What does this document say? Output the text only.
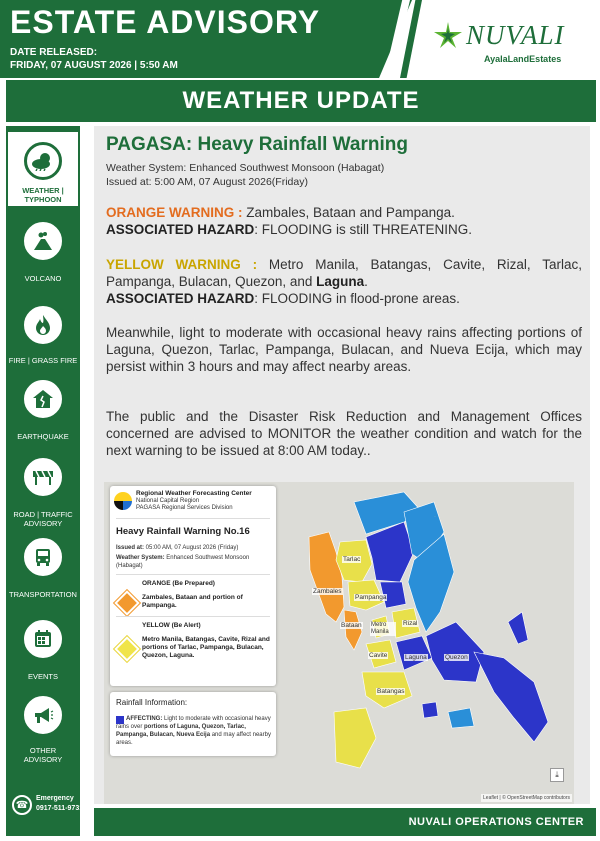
ESTATE ADVISORY
DATE RELEASED:
FRIDAY, 07 AUGUST 2026 | 5:50 AM
NUVALI
AyalaLandEstates
WEATHER UPDATE
WEATHER | TYPHOON
VOLCANO
FIRE | GRASS FIRE
EARTHQUAKE
ROAD | TRAFFIC ADVISORY
TRANSPORTATION
EVENTS
OTHER ADVISORY
☎
Emergency
0917-511-9731
PAGASA: Heavy Rainfall Warning
Weather System: Enhanced Southwest Monsoon (Habagat)
Issued at: 5:00 AM, 07 August 2026(Friday)
ORANGE WARNING : Zambales, Bataan and Pampanga.
ASSOCIATED HAZARD: FLOODING is still THREATENING.
YELLOW WARNING : Metro Manila, Batangas, Cavite, Rizal, Tarlac, Pampanga, Bulacan, Quezon, and Laguna.
ASSOCIATED HAZARD: FLOODING in flood-prone areas.
Meanwhile, light to moderate with occasional heavy rains affecting portions of Laguna, Quezon, Tarlac, Pampanga, Bulacan, and Nueva Ecija, which may persist within 3 hours and may affect nearby areas.
The public and the Disaster Risk Reduction and Management Offices concerned are advised to MONITOR the weather condition and watch for the next warning to be issued at 8:00 AM today..
·
Tarlac
Zambales
Pampanga
Bataan Metro Manila
Rizal
Cavite	Laguna
Batangas
Quezon
Regional Weather Forecasting Center
National Capital Region
PAGASA Regional Services Division
Heavy Rainfall Warning No.16
Issued at: 05:00 AM, 07 August 2026 (Friday)
Weather System: Enhanced Southwest Monsoon (Habagat)
ORANGE (Be Prepared)
Zambales, Bataan and portion of Pampanga.
YELLOW (Be Alert)
Metro Manila, Batangas, Cavite, Rizal and portions of Tarlac, Pampanga, Bulacan, Quezon, Laguna.
Rainfall Information:
AFFECTING: Light to moderate with occasional heavy rains over portions of Laguna, Quezon, Tarlac, Pampanga, Bulacan, Nueva Ecija and may affect nearby areas.
⤓
Leaflet | © OpenStreetMap contributors
NUVALI OPERATIONS CENTER
